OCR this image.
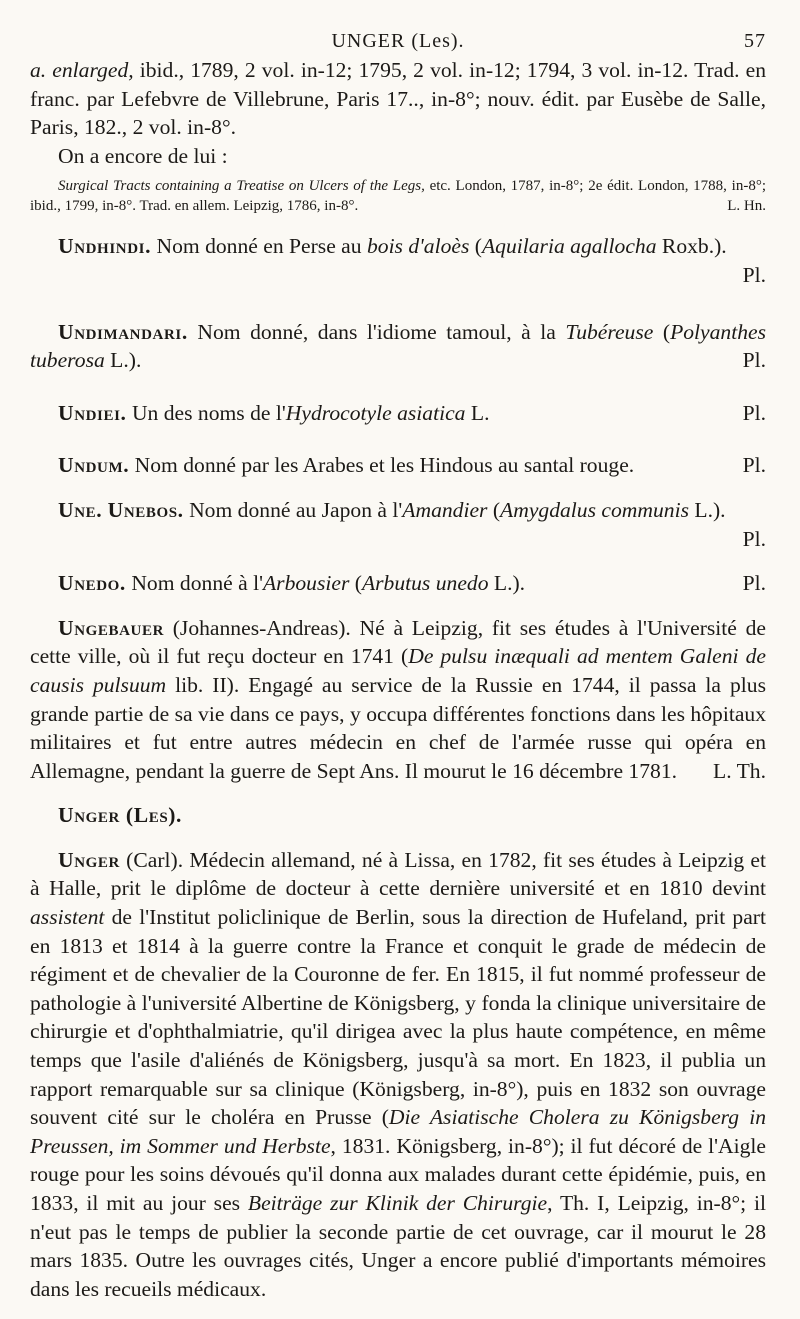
UNGER (Les).	57

a. enlarged, ibid., 1789, 2 vol. in-12; 1795, 2 vol. in-12; 1794, 3 vol. in-12. Trad. en franc. par Lefebvre de Villebrune, Paris 17.., in-8°; nouv. édit. par Eusèbe de Salle, Paris, 182., 2 vol. in-8°.

On a encore de lui :

Surgical Tracts containing a Treatise on Ulcers of the Legs, etc. London, 1787, in-8°; 2e édit. London, 1788, in-8°; ibid., 1799, in-8°. Trad. en allem. Leipzig, 1786, in-8°.	L. Hn.

Undhindi. Nom donné en Perse au bois d'aloès (Aquilaria agallocha Roxb.).
Pl.

Undimandari. Nom donné, dans l'idiome tamoul, à la Tubéreuse (Polyanthes tuberosa L.).	Pl.

Undiei. Un des noms de l'Hydrocotyle asiatica L.	Pl.

Undum. Nom donné par les Arabes et les Hindous au santal rouge.	Pl.

Une. Unebos. Nom donné au Japon à l'Amandier (Amygdalus communis L.).
Pl.

Unedo. Nom donné à l'Arbousier (Arbutus unedo L.).	Pl.

Ungebauer (Johannes-Andreas). Né à Leipzig, fit ses études à l'Université de cette ville, où il fut reçu docteur en 1741 (De pulsu inæquali ad mentem Galeni de causis pulsuum lib. II). Engagé au service de la Russie en 1744, il passa la plus grande partie de sa vie dans ce pays, y occupa différentes fonctions dans les hôpitaux militaires et fut entre autres médecin en chef de l'armée russe qui opéra en Allemagne, pendant la guerre de Sept Ans. Il mourut le 16 décembre 1781.	L. Th.

Unger (Les).

Unger (Carl). Médecin allemand, né à Lissa, en 1782, fit ses études à Leipzig et à Halle, prit le diplôme de docteur à cette dernière université et en 1810 devint assistent de l'Institut policlinique de Berlin, sous la direction de Hufeland, prit part en 1813 et 1814 à la guerre contre la France et conquit le grade de médecin de régiment et de chevalier de la Couronne de fer. En 1815, il fut nommé professeur de pathologie à l'université Albertine de Königsberg, y fonda la clinique universitaire de chirurgie et d'ophthalmiatrie, qu'il dirigea avec la plus haute compétence, en même temps que l'asile d'aliénés de Königsberg, jusqu'à sa mort. En 1823, il publia un rapport remarquable sur sa clinique (Königsberg, in-8°), puis en 1832 son ouvrage souvent cité sur le choléra en Prusse (Die Asiatische Cholera zu Königsberg in Preussen, im Sommer und Herbste, 1831. Königsberg, in-8°); il fut décoré de l'Aigle rouge pour les soins dévoués qu'il donna aux malades durant cette épidémie, puis, en 1833, il mit au jour ses Beiträge zur Klinik der Chirurgie, Th. I, Leipzig, in-8°; il n'eut pas le temps de publier la seconde partie de cet ouvrage, car il mourut le 28 mars 1835. Outre les ouvrages cités, Unger a encore publié d'importants mémoires dans les recueils médicaux.
